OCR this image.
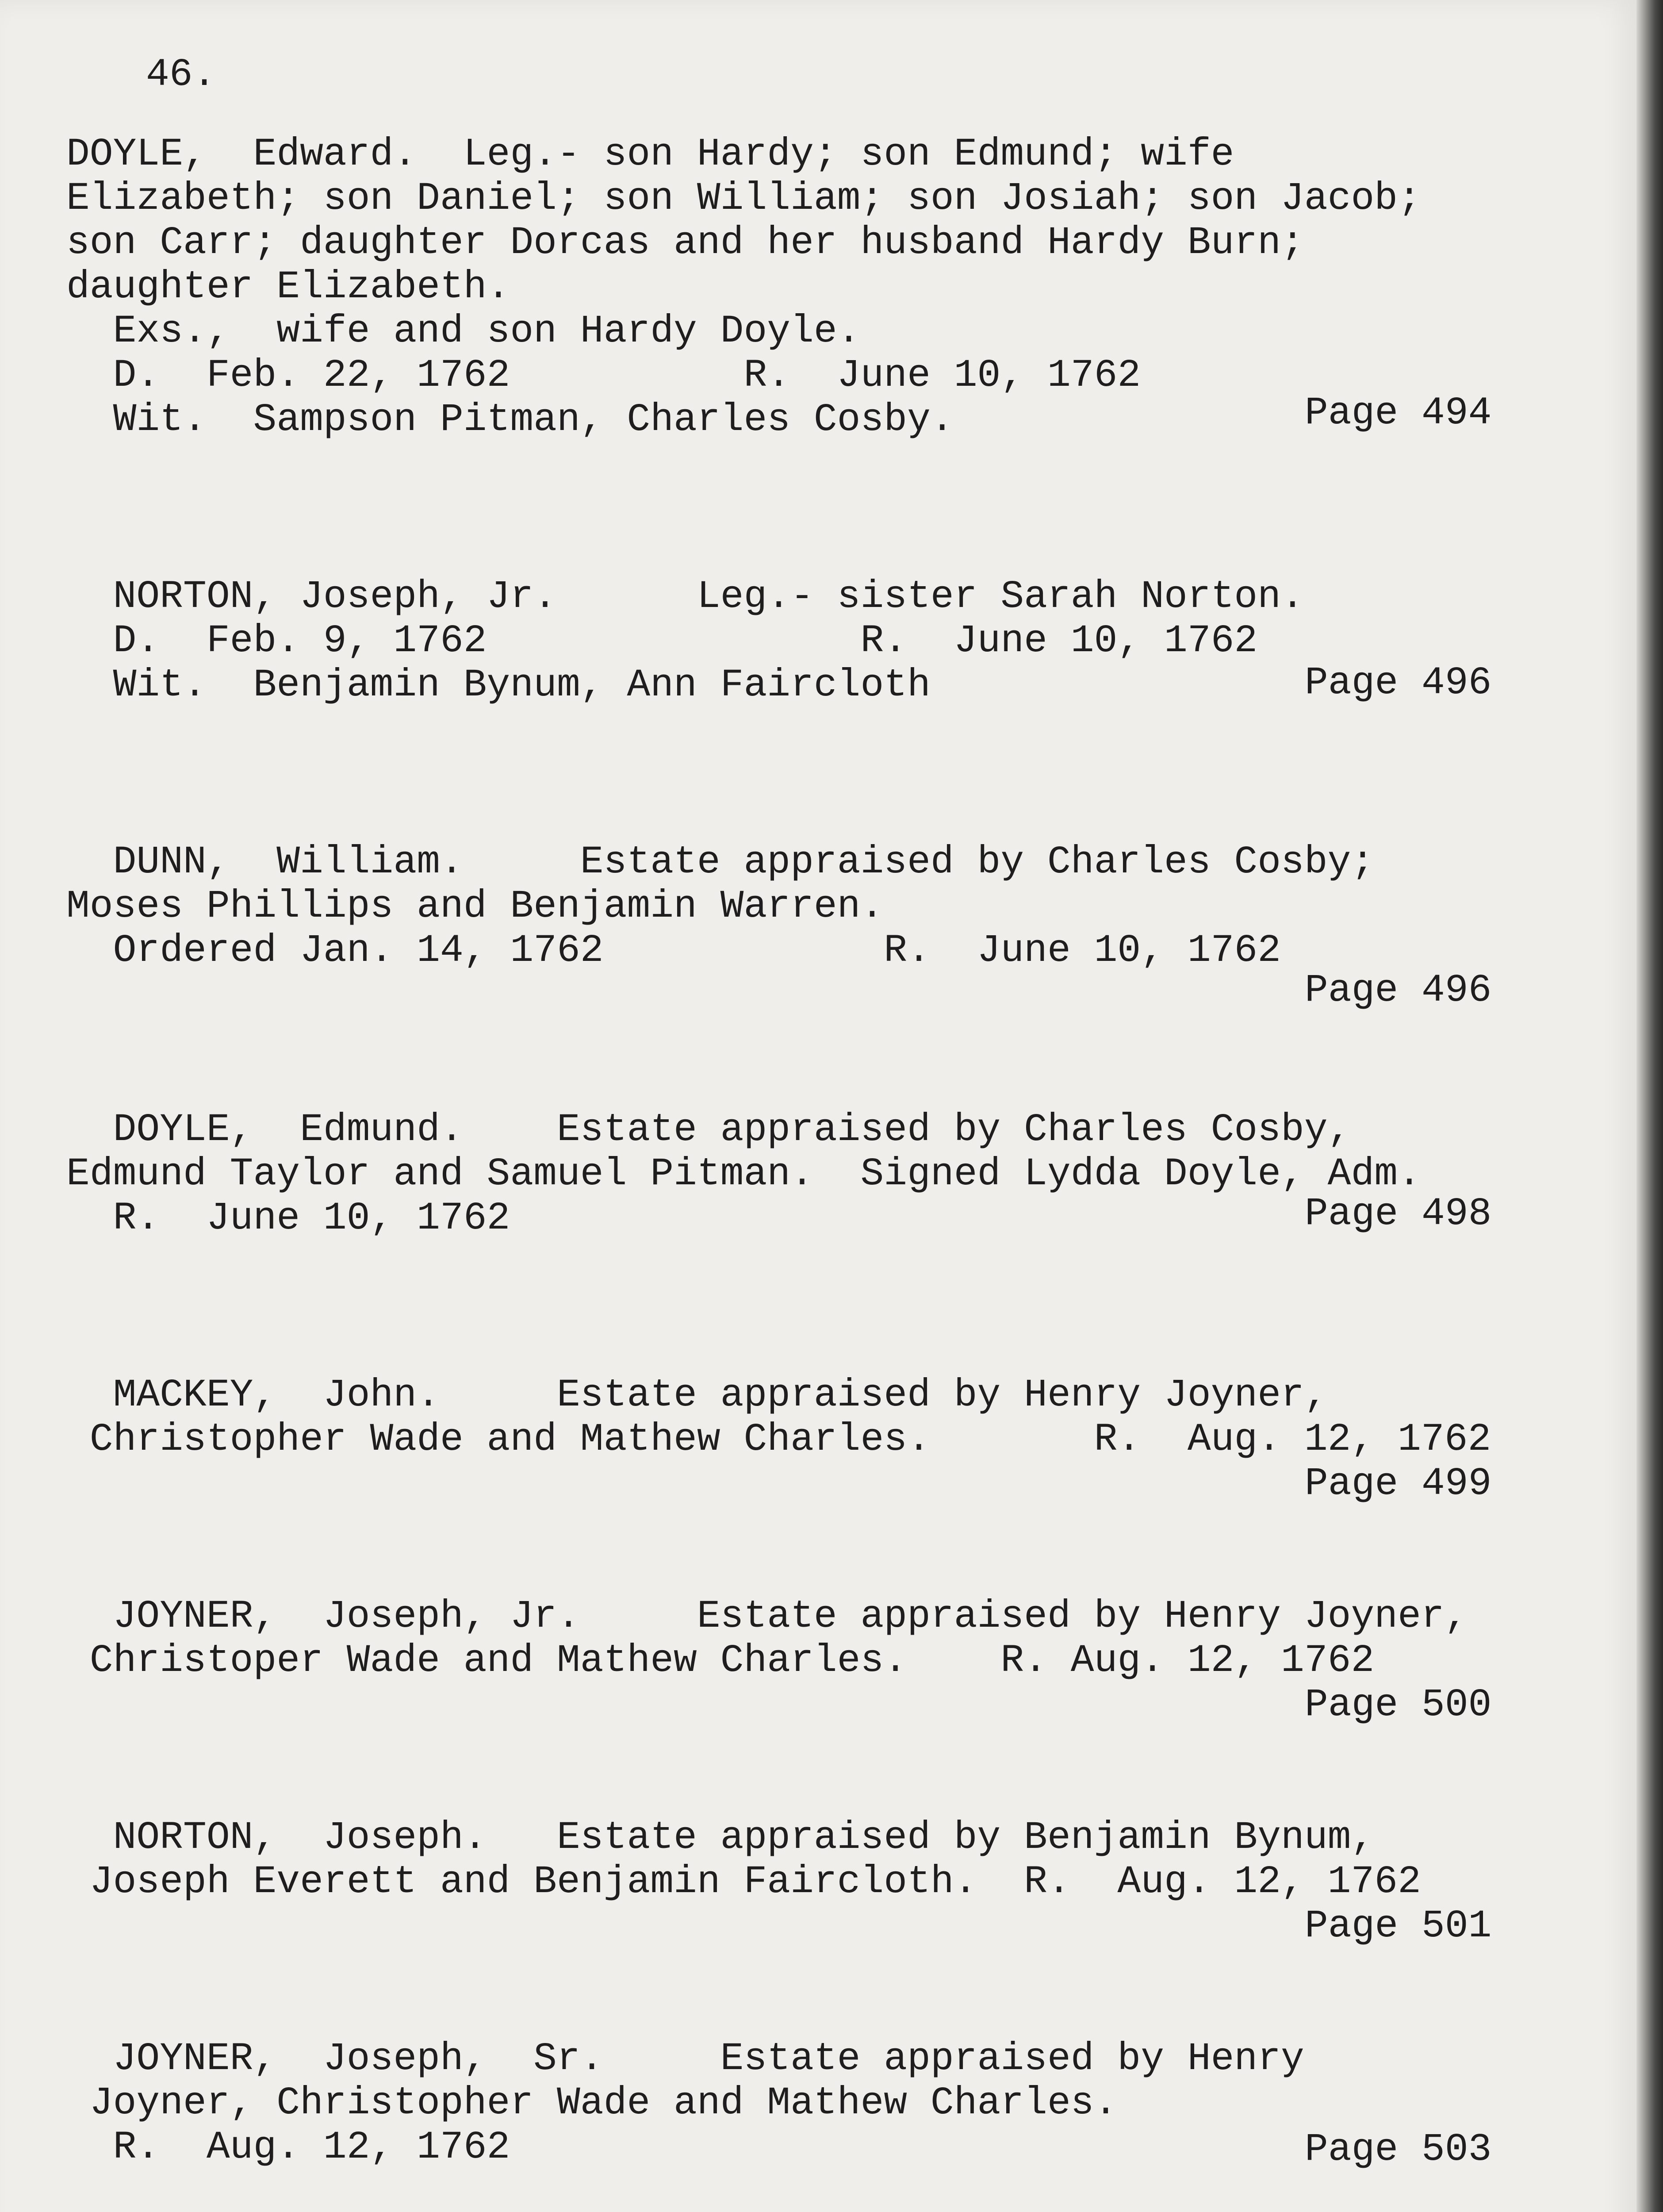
46.
DOYLE,  Edward.  Leg.- son Hardy; son Edmund; wife
Elizabeth; son Daniel; son William; son Josiah; son Jacob;
son Carr; daughter Dorcas and her husband Hardy Burn;
daughter Elizabeth.
Exs.,  wife and son Hardy Doyle.
D.  Feb. 22, 1762          R.  June 10, 1762
Wit.  Sampson Pitman, Charles Cosby.	Page 494
NORTON, Joseph, Jr.      Leg.- sister Sarah Norton.
D.  Feb. 9, 1762                R.  June 10, 1762
Wit.  Benjamin Bynum, Ann Faircloth	Page 496
DUNN,  William.     Estate appraised by Charles Cosby;
Moses Phillips and Benjamin Warren.
Ordered Jan. 14, 1762            R.  June 10, 1762
Page 496
DOYLE,  Edmund.    Estate appraised by Charles Cosby,
Edmund Taylor and Samuel Pitman.  Signed Lydda Doyle, Adm.
R.  June 10, 1762	Page 498
MACKEY,  John.     Estate appraised by Henry Joyner,
Christopher Wade and Mathew Charles.       R.  Aug. 12, 1762
Page 499
JOYNER,  Joseph, Jr.     Estate appraised by Henry Joyner,
Christoper Wade and Mathew Charles.    R. Aug. 12, 1762
Page 500
NORTON,  Joseph.   Estate appraised by Benjamin Bynum,
Joseph Everett and Benjamin Faircloth.  R.  Aug. 12, 1762
Page 501
JOYNER,  Joseph,  Sr.     Estate appraised by Henry
Joyner, Christopher Wade and Mathew Charles.
R.  Aug. 12, 1762	Page 503
